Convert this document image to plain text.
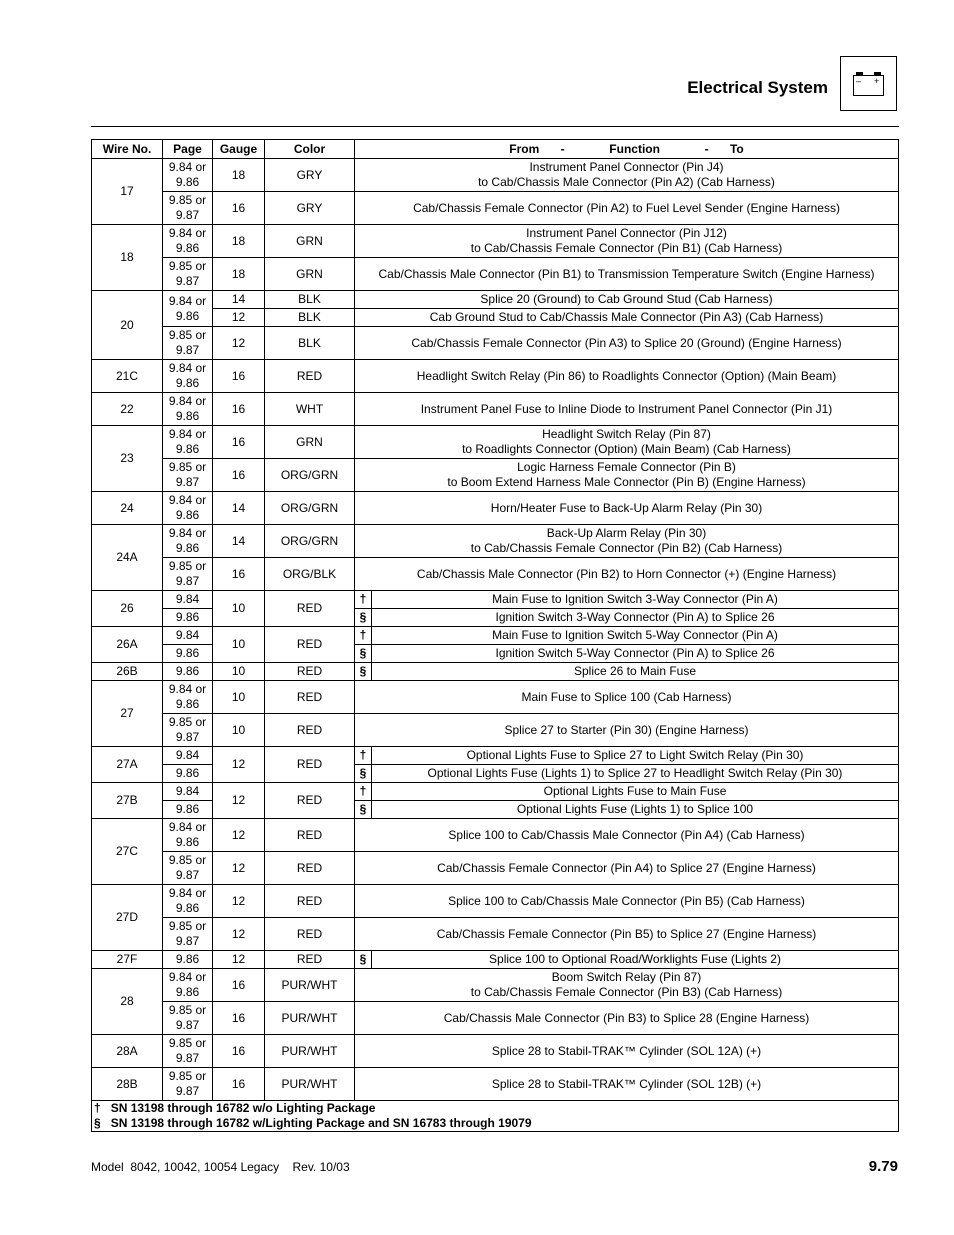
Electrical System	– +
Wire No.	Page	Gauge	Color	From - Function - To	
17	9.84 or
9.86	18	GRY	Instrument Panel Connector (Pin J4)
to Cab/Chassis Male Connector (Pin A2) (Cab Harness)	
	9.85 or
9.87	16	GRY	Cab/Chassis Female Connector (Pin A2) to Fuel Level Sender (Engine Harness)	
18	9.84 or
9.86	18	GRN	Instrument Panel Connector (Pin J12)
to Cab/Chassis Female Connector (Pin B1) (Cab Harness)	
	9.85 or
9.87	18	GRN	Cab/Chassis Male Connector (Pin B1) to Transmission Temperature Switch (Engine Harness)	
20	9.84 or
9.86	14	BLK	Splice 20 (Ground) to Cab Ground Stud (Cab Harness)	
		12	BLK	Cab Ground Stud to Cab/Chassis Male Connector (Pin A3) (Cab Harness)	
	9.85 or
9.87	12	BLK	Cab/Chassis Female Connector (Pin A3) to Splice 20 (Ground) (Engine Harness)	
21C	9.84 or
9.86	16	RED	Headlight Switch Relay (Pin 86) to Roadlights Connector (Option) (Main Beam)	
22	9.84 or
9.86	16	WHT	Instrument Panel Fuse to Inline Diode to Instrument Panel Connector (Pin J1)	
23	9.84 or
9.86	16	GRN	Headlight Switch Relay (Pin 87)
to Roadlights Connector (Option) (Main Beam) (Cab Harness)	
	9.85 or
9.87	16	ORG/GRN	Logic Harness Female Connector (Pin B)
to Boom Extend Harness Male Connector (Pin B) (Engine Harness)	
24	9.84 or
9.86	14	ORG/GRN	Horn/Heater Fuse to Back-Up Alarm Relay (Pin 30)	
24A	9.84 or
9.86	14	ORG/GRN	Back-Up Alarm Relay (Pin 30)
to Cab/Chassis Female Connector (Pin B2) (Cab Harness)	
	9.85 or
9.87	16	ORG/BLK	Cab/Chassis Male Connector (Pin B2) to Horn Connector (+) (Engine Harness)	
26	9.84	10	RED	†	Main Fuse to Ignition Switch 3-Way Connector (Pin A)
	9.86			§	Ignition Switch 3-Way Connector (Pin A) to Splice 26
26A	9.84	10	RED	†	Main Fuse to Ignition Switch 5-Way Connector (Pin A)
	9.86			§	Ignition Switch 5-Way Connector (Pin A) to Splice 26
26B	9.86	10	RED	§	Splice 26 to Main Fuse
27	9.84 or
9.86	10	RED	Main Fuse to Splice 100 (Cab Harness)	
	9.85 or
9.87	10	RED	Splice 27 to Starter (Pin 30) (Engine Harness)	
27A	9.84	12	RED	†	Optional Lights Fuse to Splice 27 to Light Switch Relay (Pin 30)
	9.86			§	Optional Lights Fuse (Lights 1) to Splice 27 to Headlight Switch Relay (Pin 30)
27B	9.84	12	RED	†	Optional Lights Fuse to Main Fuse
	9.86			§	Optional Lights Fuse (Lights 1) to Splice 100
27C	9.84 or
9.86	12	RED	Splice 100 to Cab/Chassis Male Connector (Pin A4) (Cab Harness)	
	9.85 or
9.87	12	RED	Cab/Chassis Female Connector (Pin A4) to Splice 27 (Engine Harness)	
27D	9.84 or
9.86	12	RED	Splice 100 to Cab/Chassis Male Connector (Pin B5) (Cab Harness)	
	9.85 or
9.87	12	RED	Cab/Chassis Female Connector (Pin B5) to Splice 27 (Engine Harness)	
27F	9.86	12	RED	§	Splice 100 to Optional Road/Worklights Fuse (Lights 2)
28	9.84 or
9.86	16	PUR/WHT	Boom Switch Relay (Pin 87)
to Cab/Chassis Female Connector (Pin B3) (Cab Harness)	
	9.85 or
9.87	16	PUR/WHT	Cab/Chassis Male Connector (Pin B3) to Splice 28 (Engine Harness)	
28A	9.85 or
9.87	16	PUR/WHT	Splice 28 to Stabil-TRAK™ Cylinder (SOL 12A) (+)	
28B	9.85 or
9.87	16	PUR/WHT	Splice 28 to Stabil-TRAK™ Cylinder (SOL 12B) (+)	

† SN 13198 through 16782 w/o Lighting Package
§ SN 13198 through 16782 w/Lighting Package and SN 16783 through 19079					
Model  8042, 10042, 10054 Legacy    Rev. 10/03	9.79
